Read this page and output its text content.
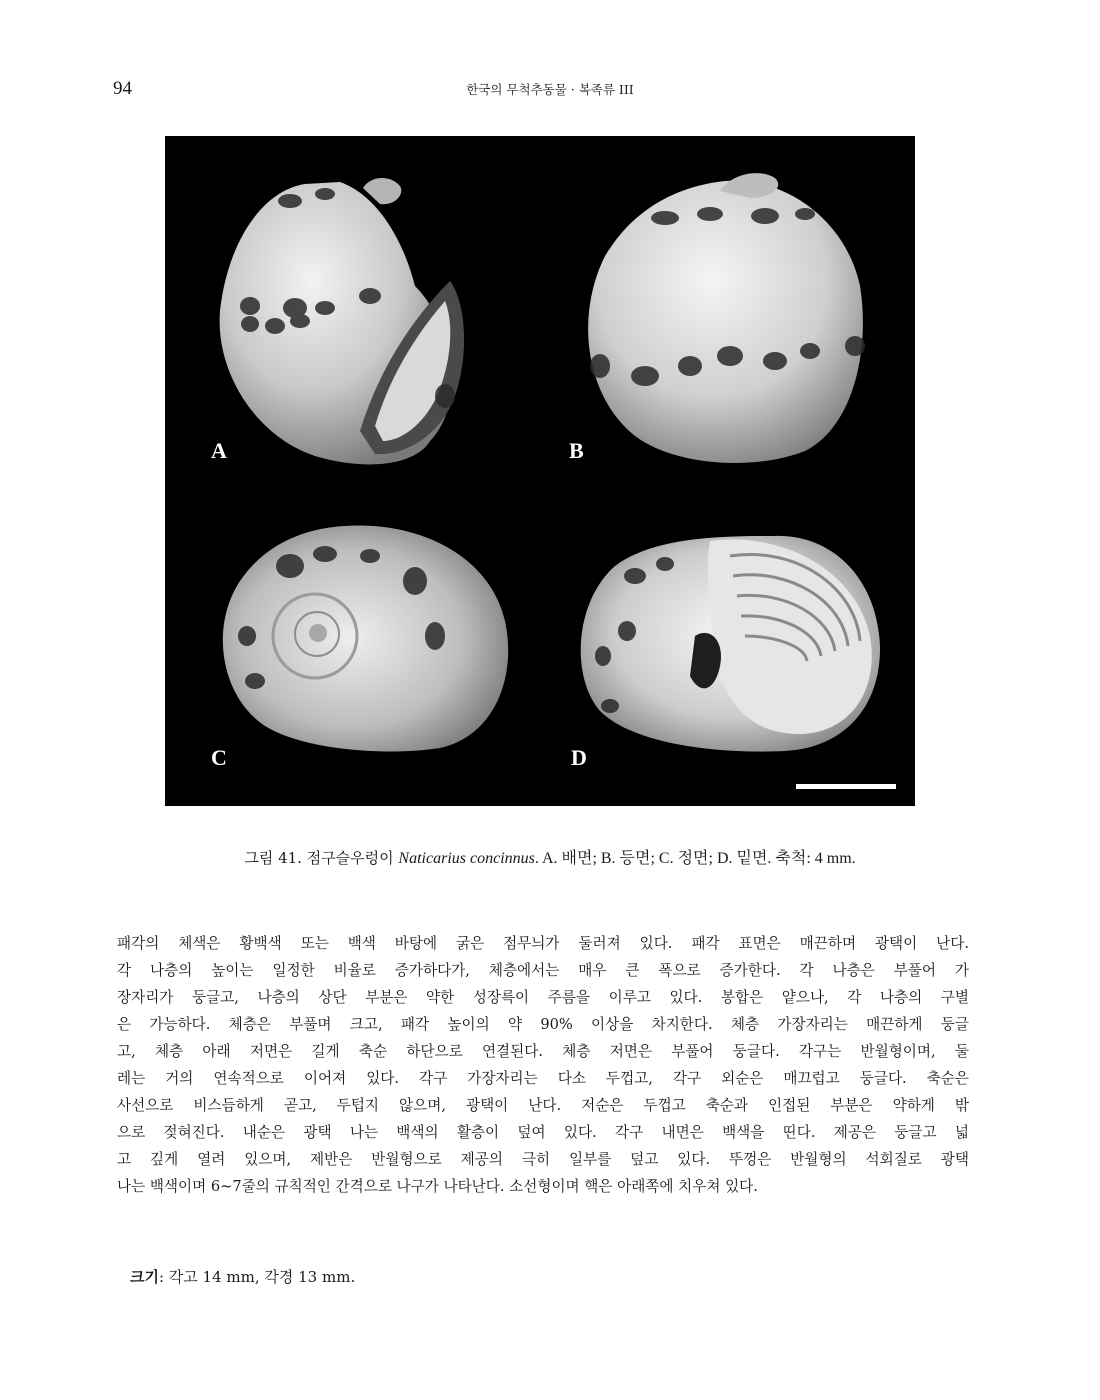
94	한국의 무척추동물 · 복족류 III
A	B
C	D
그림 41. 점구슬우렁이 Naticarius concinnus. A. 배면; B. 등면; C. 정면; D. 밑면. 축척: 4 mm.
패각의 체색은 황백색 또는 백색 바탕에 굵은 점무늬가 둘러져 있다. 패각 표면은 매끈하며 광택이 난다.
각 나층의 높이는 일정한 비율로 증가하다가, 체층에서는 매우 큰 폭으로 증가한다. 각 나층은 부풀어 가
장자리가 둥글고, 나층의 상단 부분은 약한 성장륵이 주름을 이루고 있다. 봉합은 얕으나, 각 나층의 구별
은 가능하다. 체층은 부풀며 크고, 패각 높이의 약 90% 이상을 차지한다. 체층 가장자리는 매끈하게 둥글
고, 체층 아래 저면은 길게 축순 하단으로 연결된다. 체층 저면은 부풀어 둥글다. 각구는 반월형이며, 둘
레는 거의 연속적으로 이어져 있다. 각구 가장자리는 다소 두껍고, 각구 외순은 매끄럽고 둥글다. 축순은
사선으로 비스듬하게 곧고, 두텁지 않으며, 광택이 난다. 저순은 두껍고 축순과 인접된 부분은 약하게 밖
으로 젖혀진다. 내순은 광택 나는 백색의 활층이 덮여 있다. 각구 내면은 백색을 띤다. 제공은 둥글고 넓
고 깊게 열려 있으며, 제반은 반월형으로 제공의 극히 일부를 덮고 있다. 뚜껑은 반월형의 석회질로 광택
나는 백색이며 6~7줄의 규칙적인 간격으로 나구가 나타난다. 소선형이며 핵은 아래쪽에 치우쳐 있다.
크기: 각고 14 mm, 각경 13 mm.
